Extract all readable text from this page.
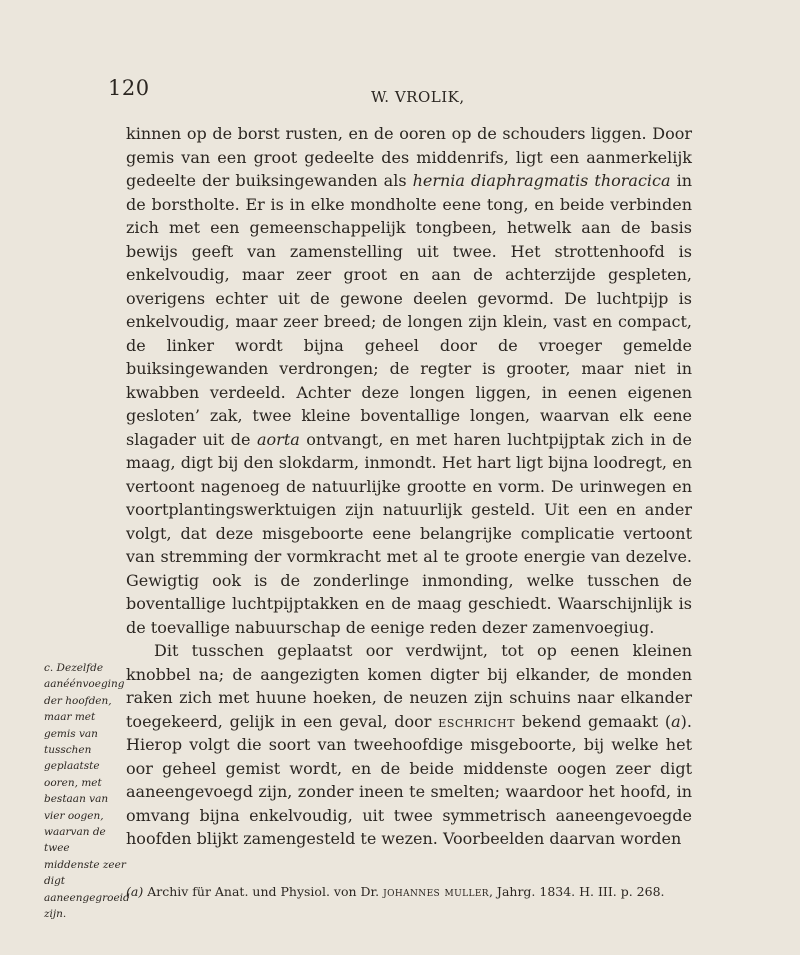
120	W. VROLIK,

kinnen op de borst rusten, en de ooren op de schouders liggen. Door gemis van een groot gedeelte des middenrifs, ligt een aanmerkelijk gedeelte der buiksingewanden als hernia diaphragmatis thoracica in de borstholte. Er is in elke mondholte eene tong, en beide verbinden zich met een gemeenschappelijk tongbeen, hetwelk aan de basis bewijs geeft van zamenstelling uit twee. Het strottenhoofd is enkelvoudig, maar zeer groot en aan de achterzijde gespleten, overigens echter uit de gewone deelen gevormd. De luchtpijp is enkelvoudig, maar zeer breed; de longen zijn klein, vast en compact, de linker wordt bijna geheel door de vroeger gemelde buiksingewanden verdrongen; de regter is grooter, maar niet in kwabben verdeeld. Achter deze longen liggen, in eenen eigenen gesloten’ zak, twee kleine boventallige longen, waarvan elk eene slagader uit de aorta ontvangt, en met haren luchtpijptak zich in de maag, digt bij den slokdarm, inmondt. Het hart ligt bijna loodregt, en vertoont nagenoeg de natuurlijke grootte en vorm. De urinwegen en voortplantingswerktuigen zijn natuurlijk gesteld. Uit een en ander volgt, dat deze misgeboorte eene belangrijke complicatie vertoont van stremming der vormkracht met al te groote energie van dezelve. Gewigtig ook is de zonderlinge inmonding, welke tusschen de boventallige luchtpijptakken en de maag geschiedt. Waarschijnlijk is de toevallige nabuurschap de eenige reden dezer zamenvoegiug.

Dit tusschen geplaatst oor verdwijnt, tot op eenen kleinen knobbel na; de aangezigten komen digter bij elkander, de monden raken zich met huune hoeken, de neuzen zijn schuins naar elkander toegekeerd, gelijk in een geval, door eschricht bekend gemaakt (a). Hierop volgt die soort van tweehoofdige misgeboorte, bij welke het oor geheel gemist wordt, en de beide middenste oogen zeer digt aaneengevoegd zijn, zonder ineen te smelten; waardoor het hoofd, in omvang bijna enkelvoudig, uit twee symmetrisch aaneengevoegde hoofden blijkt zamengesteld te wezen. Voorbeelden daarvan worden

c. Dezelfde
aanéénvoeging der hoofden, maar met gemis van tusschen geplaatste ooren, met bestaan van vier oogen, waarvan de twee middenste zeer digt aaneengegroeid zijn.
(a) Archiv für Anat. und Physiol. von Dr. johannes muller, Jahrg. 1834. H. III. p. 268.
